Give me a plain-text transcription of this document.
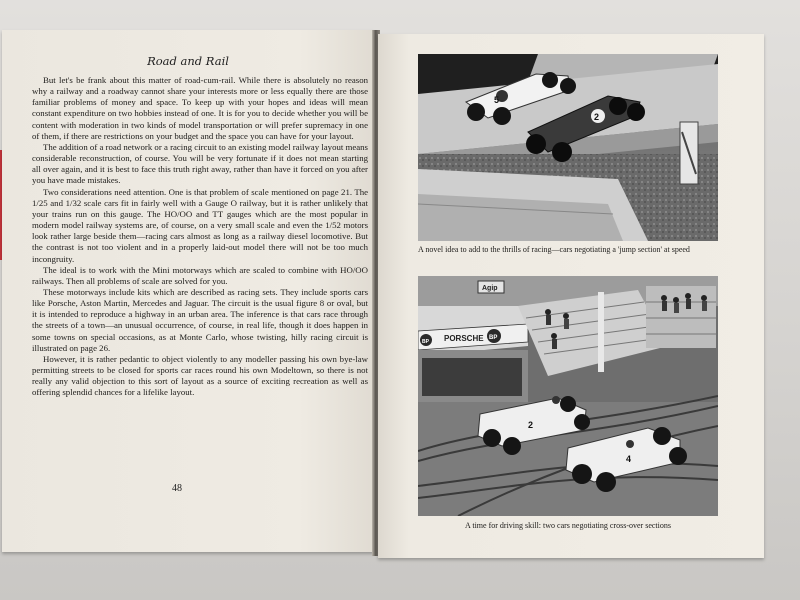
Road and Rail

But let's be frank about this matter of road-cum-rail. While there is absolutely no reason why a railway and a roadway cannot share your interests more or less equally there are those familiar problems of money and space. To keep up with your hopes and ideas will mean constant expenditure on two hobbies instead of one. It is for you to decide whether you will be content with moderation in two kinds of model transportation or will prefer supremacy in one of them, if there are restrictions on your budget and the space you can have for your layout.

The addition of a road network or a racing circuit to an existing model railway layout means considerable reconstruction, of course. You will be very fortunate if it does not mean starting all over again, and it is best to face this truth right away, rather than have it forced on you after you have made mistakes.

Two considerations need attention. One is that problem of scale mentioned on page 21. The 1/25 and 1/32 scale cars fit in fairly well with a Gauge O railway, but it is rather unlikely that your trains run on this gauge. The HO/OO and TT gauges which are the most popular in modern model railway systems are, of course, on a very small scale and even the 1/52 motors look rather large beside them—racing cars almost as long as a railway diesel locomotive. But the contrast is not too violent and in a properly laid-out model there will not be too much incongruity.

The ideal is to work with the Mini motorways which are scaled to combine with HO/OO railways. Then all problems of scale are solved for you.

These motorways include kits which are described as racing sets. They include sports cars like Porsche, Aston Martin, Mercedes and Jaguar. The circuit is the usual figure 8 or oval, but it is intended to reproduce a highway in an urban area. The inference is that cars race through the streets of a town—an unusual occurrence, of course, in real life, though it does happen in some towns on special occasions, as at Monte Carlo, whose twisting, hilly racing circuit is illustrated on page 26.

However, it is rather pedantic to object violently to any modeller passing his own bye-law permitting streets to be closed for sports car races round his own Modeltown, so there is not really any valid objection to this sort of layout as a source of exciting recreation as well as offering splendid chances for a lifelike layout.

48
5
2
A novel idea to add to the thrills of racing—cars negotiating a 'jump section' at speed
Agip
BP PORSCHE BP
2
4
A time for driving skill: two cars negotiating cross-over sections
